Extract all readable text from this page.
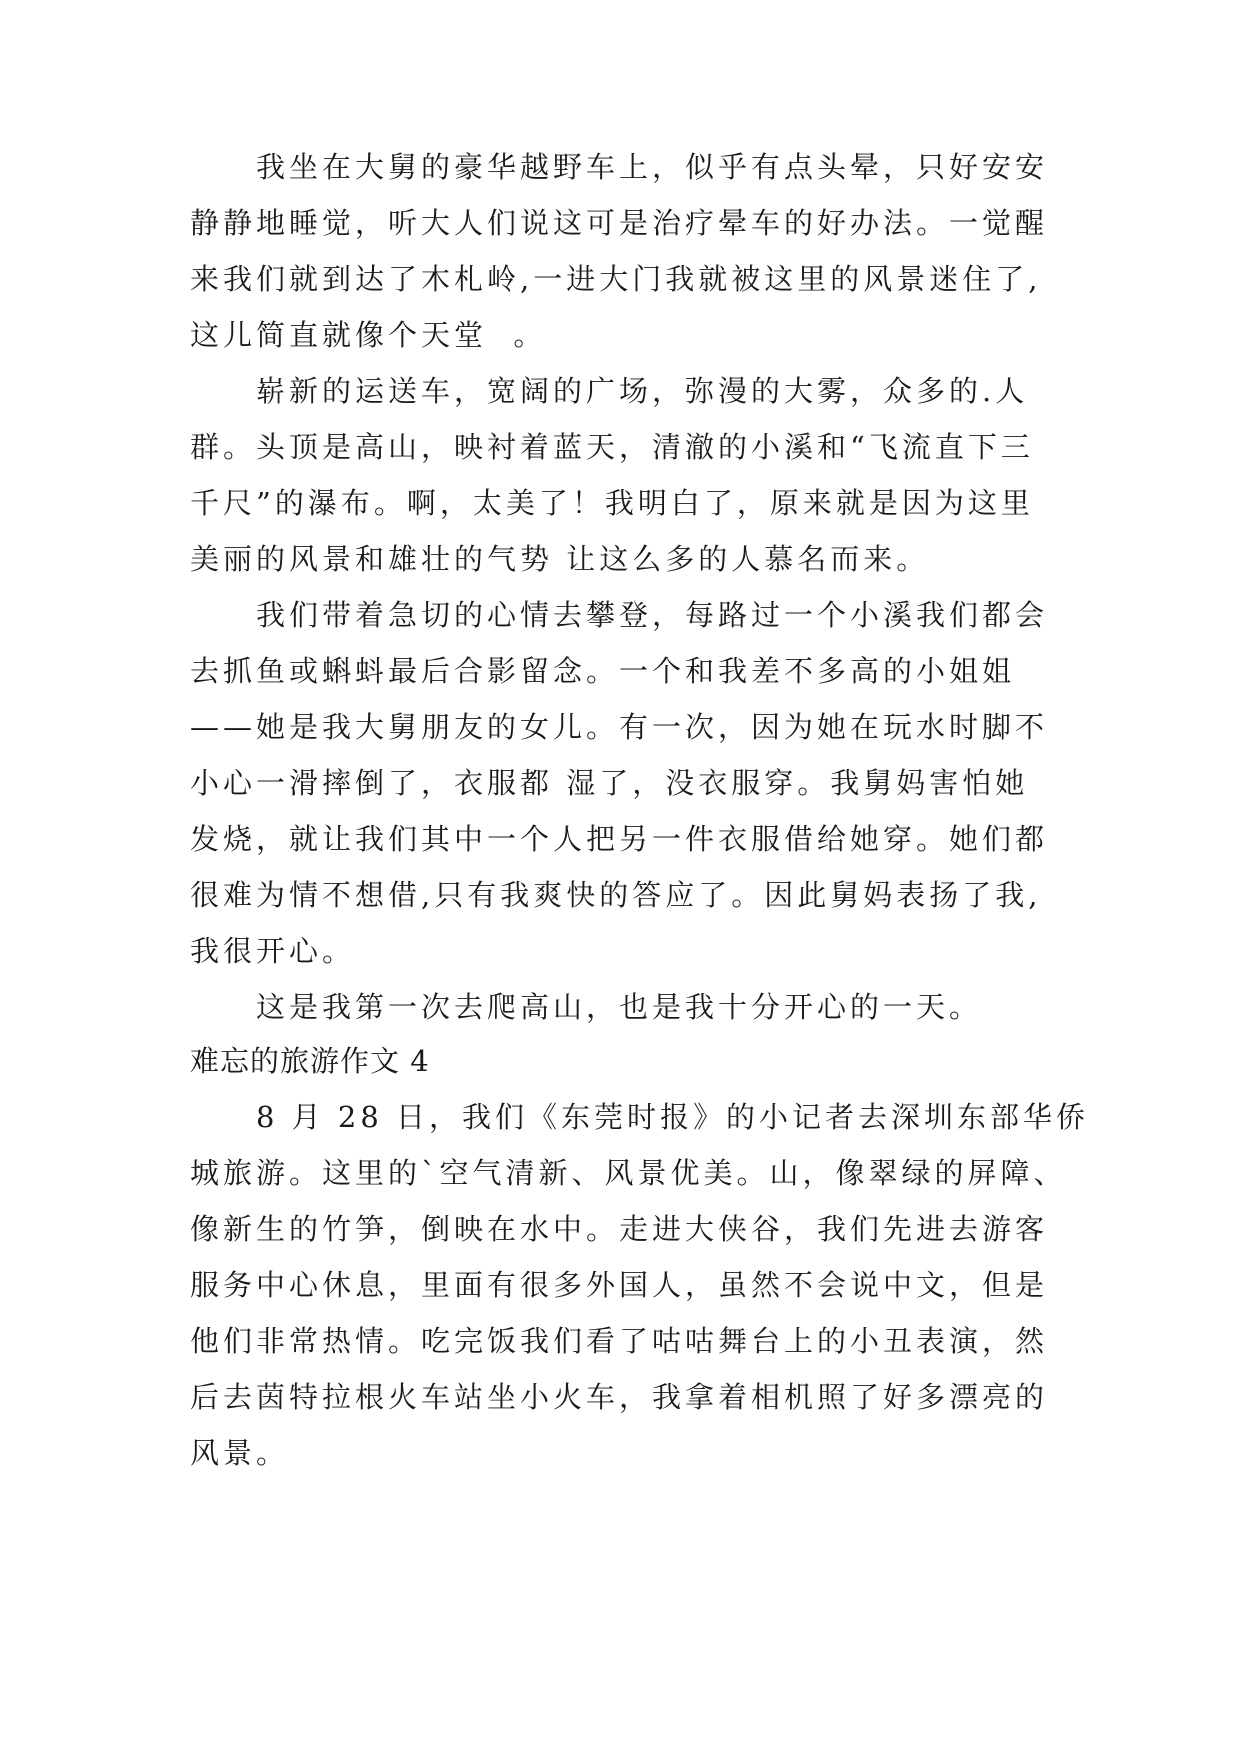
　　我坐在大舅的豪华越野车上，似乎有点头晕，只好安安
静静地睡觉，听大人们说这可是治疗晕车的好办法。一觉醒
来我们就到达了木札岭,一进大门我就被这里的风景迷住了,
这儿简直就像个天堂  。
　　崭新的运送车，宽阔的广场，弥漫的大雾，众多的.人
群。头顶是高山，映衬着蓝天，清澈的小溪和“飞流直下三
千尺”的瀑布。啊，太美了！我明白了，原来就是因为这里
美丽的风景和雄壮的气势 让这么多的人慕名而来。
　　我们带着急切的心情去攀登，每路过一个小溪我们都会
去抓鱼或蝌蚪最后合影留念。一个和我差不多高的小姐姐
——她是我大舅朋友的女儿。有一次，因为她在玩水时脚不
小心一滑摔倒了，衣服都 湿了，没衣服穿。我舅妈害怕她
发烧，就让我们其中一个人把另一件衣服借给她穿。她们都
很难为情不想借,只有我爽快的答应了。因此舅妈表扬了我,
我很开心。
　　这是我第一次去爬高山，也是我十分开心的一天。
难忘的旅游作文 4
　　8 月 28 日，我们《东莞时报》的小记者去深圳东部华侨
城旅游。这里的`空气清新、风景优美。山，像翠绿的屏障、
像新生的竹笋，倒映在水中。走进大侠谷，我们先进去游客
服务中心休息，里面有很多外国人，虽然不会说中文，但是
他们非常热情。吃完饭我们看了咕咕舞台上的小丑表演，然
后去茵特拉根火车站坐小火车，我拿着相机照了好多漂亮的
风景。
